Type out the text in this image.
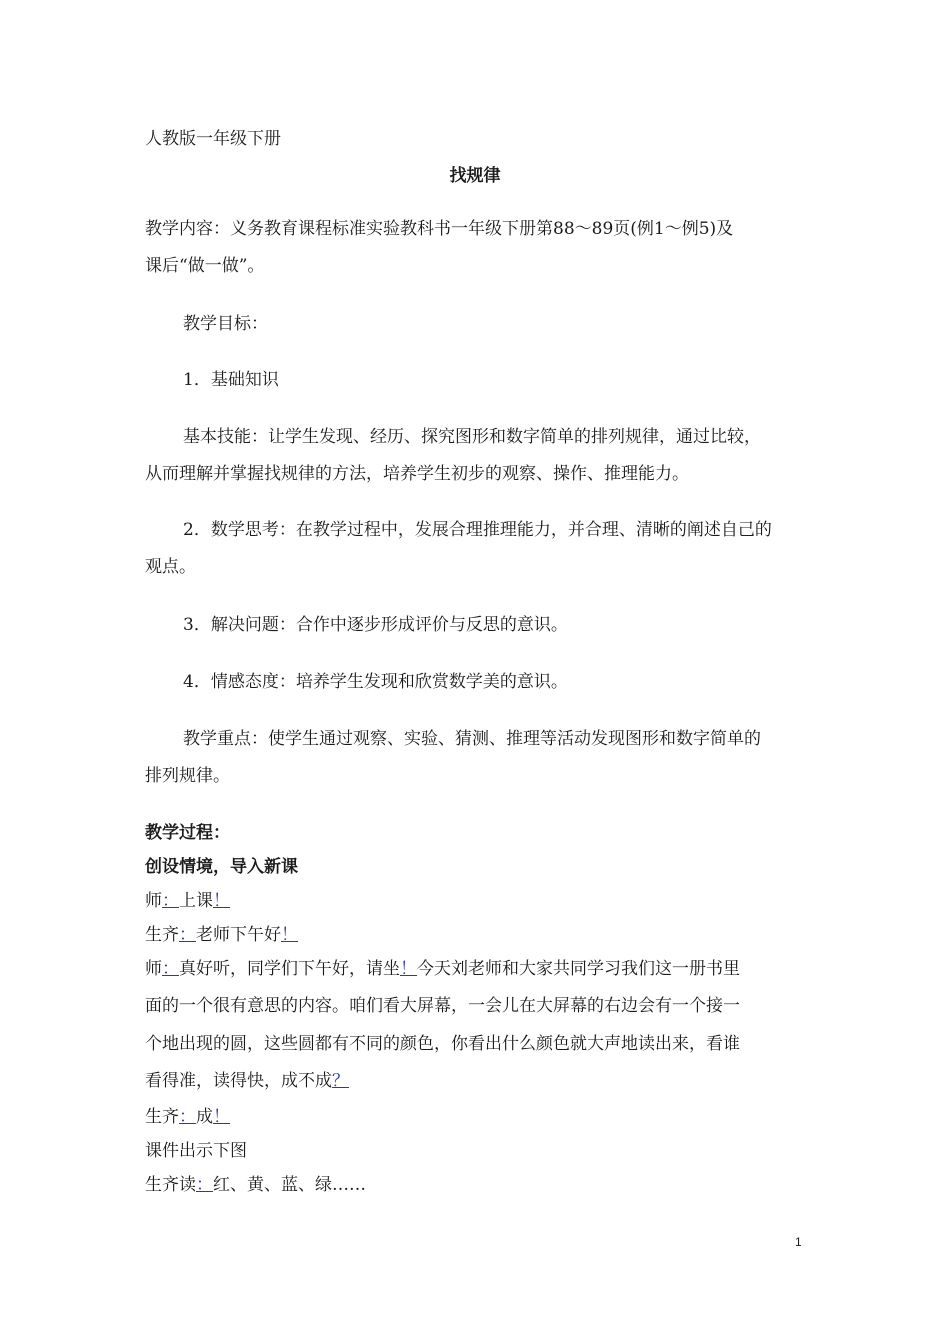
人教版一年级下册
找规律
教学内容：义务教育课程标准实验教科书一年级下册第88～89页(例1～例5)及
课后“做一做”。
教学目标：
1．基础知识
基本技能：让学生发现、经历、探究图形和数字简单的排列规律，通过比较，
从而理解并掌握找规律的方法，培养学生初步的观察、操作、推理能力。
2．数学思考：在教学过程中，发展合理推理能力，并合理、清晰的阐述自己的
观点。
3．解决问题：合作中逐步形成评价与反思的意识。
4．情感态度：培养学生发现和欣赏数学美的意识。
教学重点：使学生通过观察、实验、猜测、推理等活动发现图形和数字简单的
排列规律。
教学过程：
创设情境，导入新课
师：上课！
生齐：老师下午好！
师：真好听，同学们下午好，请坐！今天刘老师和大家共同学习我们这一册书里
面的一个很有意思的内容。咱们看大屏幕，一会儿在大屏幕的右边会有一个接一
个地出现的圆，这些圆都有不同的颜色，你看出什么颜色就大声地读出来，看谁
看得准，读得快，成不成？
生齐：成！
课件出示下图
生齐读：红、黄、蓝、绿……
1
